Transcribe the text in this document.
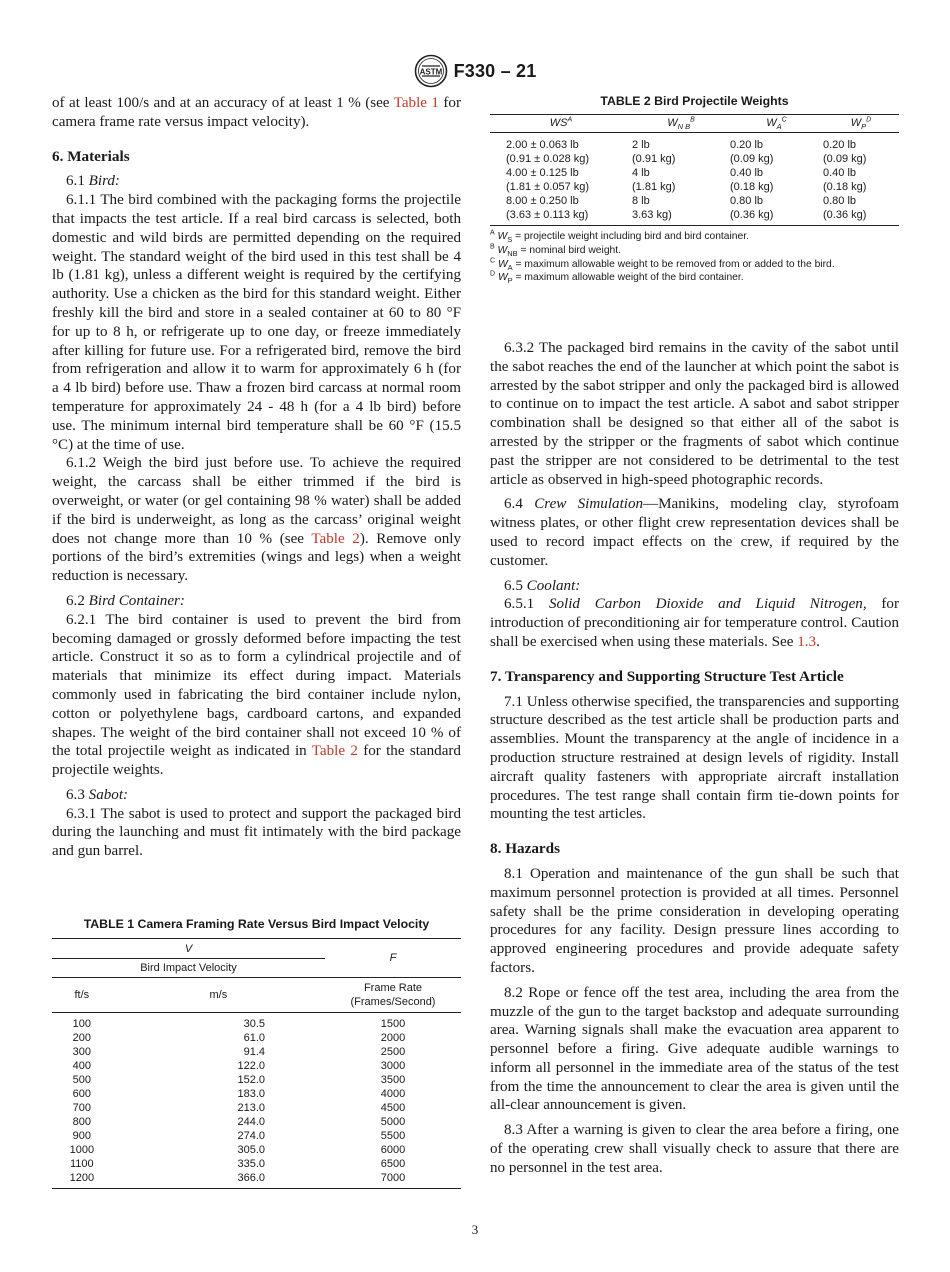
ASTM F330 – 21

of at least 100/s and at an accuracy of at least 1 % (see Table 1 for camera frame rate versus impact velocity).

6. Materials

6.1 Bird:

6.1.1 The bird combined with the packaging forms the projectile that impacts the test article. If a real bird carcass is selected, both domestic and wild birds are permitted depending on the required weight. The standard weight of the bird used in this test shall be 4 lb (1.81 kg), unless a different weight is required by the certifying authority. Use a chicken as the bird for this standard weight. Either freshly kill the bird and store in a sealed container at 60 to 80 °F for up to 8 h, or refrigerate up to one day, or freeze immediately after killing for future use. For a refrigerated bird, remove the bird from refrigeration and allow it to warm for approximately 6 h (for a 4 lb bird) before use. Thaw a frozen bird carcass at normal room temperature for approximately 24 - 48 h (for a 4 lb bird) before use. The minimum internal bird temperature shall be 60 °F (15.5 °C) at the time of use.

6.1.2 Weigh the bird just before use. To achieve the required weight, the carcass shall be either trimmed if the bird is overweight, or water (or gel containing 98 % water) shall be added if the bird is underweight, as long as the carcass’ original weight does not change more than 10 % (see Table 2). Remove only portions of the bird’s extremities (wings and legs) when a weight reduction is necessary.

6.2 Bird Container:

6.2.1 The bird container is used to prevent the bird from becoming damaged or grossly deformed before impacting the test article. Construct it so as to form a cylindrical projectile and of materials that minimize its effect during impact. Materials commonly used in fabricating the bird container include nylon, cotton or polyethylene bags, cardboard cartons, and expanded shapes. The weight of the bird container shall not exceed 10 % of the total projectile weight as indicated in Table 2 for the standard projectile weights.

6.3 Sabot:

6.3.1 The sabot is used to protect and support the packaged bird during the launching and must fit intimately with the bird package and gun barrel.

TABLE 1 Camera Framing Rate Versus Bird Impact Velocity
V		F
Bird Impact Velocity		
ft/s	m/s	Frame Rate (Frames/Second)
100	30.5	1500
200	61.0	2000
300	91.4	2500
400	122.0	3000
500	152.0	3500
600	183.0	4000
700	213.0	4500
800	244.0	5000
900	274.0	5500
1000	305.0	6000
1100	335.0	6500
1200	366.0	7000
TABLE 2 Bird Projectile Weights
$WS^A$	$W_{N B}^B$	$W_A^C$	$W_P^D$
2.00 ± 0.063 lb	2 lb	0.20 lb	0.20 lb
(0.91 ± 0.028 kg)	(0.91 kg)	(0.09 kg)	(0.09 kg)
4.00 ± 0.125 lb	4 lb	0.40 lb	0.40 lb
(1.81 ± 0.057 kg)	(1.81 kg)	(0.18 kg)	(0.18 kg)
8.00 ± 0.250 lb	8 lb	0.80 lb	0.80 lb
(3.63 ± 0.113 kg)	3.63 kg)	(0.36 kg)	(0.36 kg)
$^A$ $W_S$ = projectile weight including bird and bird container.
$^B$ $W_{NB}$ = nominal bird weight.
$^C$ $W_A$ = maximum allowable weight to be removed from or added to the bird.
$^D$ $W_P$ = maximum allowable weight of the bird container.

6.3.2 The packaged bird remains in the cavity of the sabot until the sabot reaches the end of the launcher at which point the sabot is arrested by the sabot stripper and only the packaged bird is allowed to continue on to impact the test article. A sabot and sabot stripper combination shall be designed so that either all of the sabot is arrested by the stripper or the fragments of sabot which continue past the stripper are not considered to be detrimental to the test article as observed in high-speed photographic records.

6.4 Crew Simulation—Manikins, modeling clay, styrofoam witness plates, or other flight crew representation devices shall be used to record impact effects on the crew, if required by the customer.

6.5 Coolant:

6.5.1 Solid Carbon Dioxide and Liquid Nitrogen, for introduction of preconditioning air for temperature control. Caution shall be exercised when using these materials. See 1.3.

7. Transparency and Supporting Structure Test Article

7.1 Unless otherwise specified, the transparencies and supporting structure described as the test article shall be production parts and assemblies. Mount the transparency at the angle of incidence in a production structure restrained at design levels of rigidity. Install aircraft quality fasteners with appropriate aircraft installation procedures. The test range shall contain firm tie-down points for mounting the test articles.

8. Hazards

8.1 Operation and maintenance of the gun shall be such that maximum personnel protection is provided at all times. Personnel safety shall be the prime consideration in developing operating procedures for any facility. Design pressure lines according to approved engineering procedures and provide adequate safety factors.

8.2 Rope or fence off the test area, including the area from the muzzle of the gun to the target backstop and adequate surrounding area. Warning signals shall make the evacuation area apparent to personnel before a firing. Give adequate audible warnings to inform all personnel in the immediate area of the status of the test from the time the announcement to clear the area is given until the all-clear announcement is given.

8.3 After a warning is given to clear the area before a firing, one of the operating crew shall visually check to assure that there are no personnel in the test area.

3
